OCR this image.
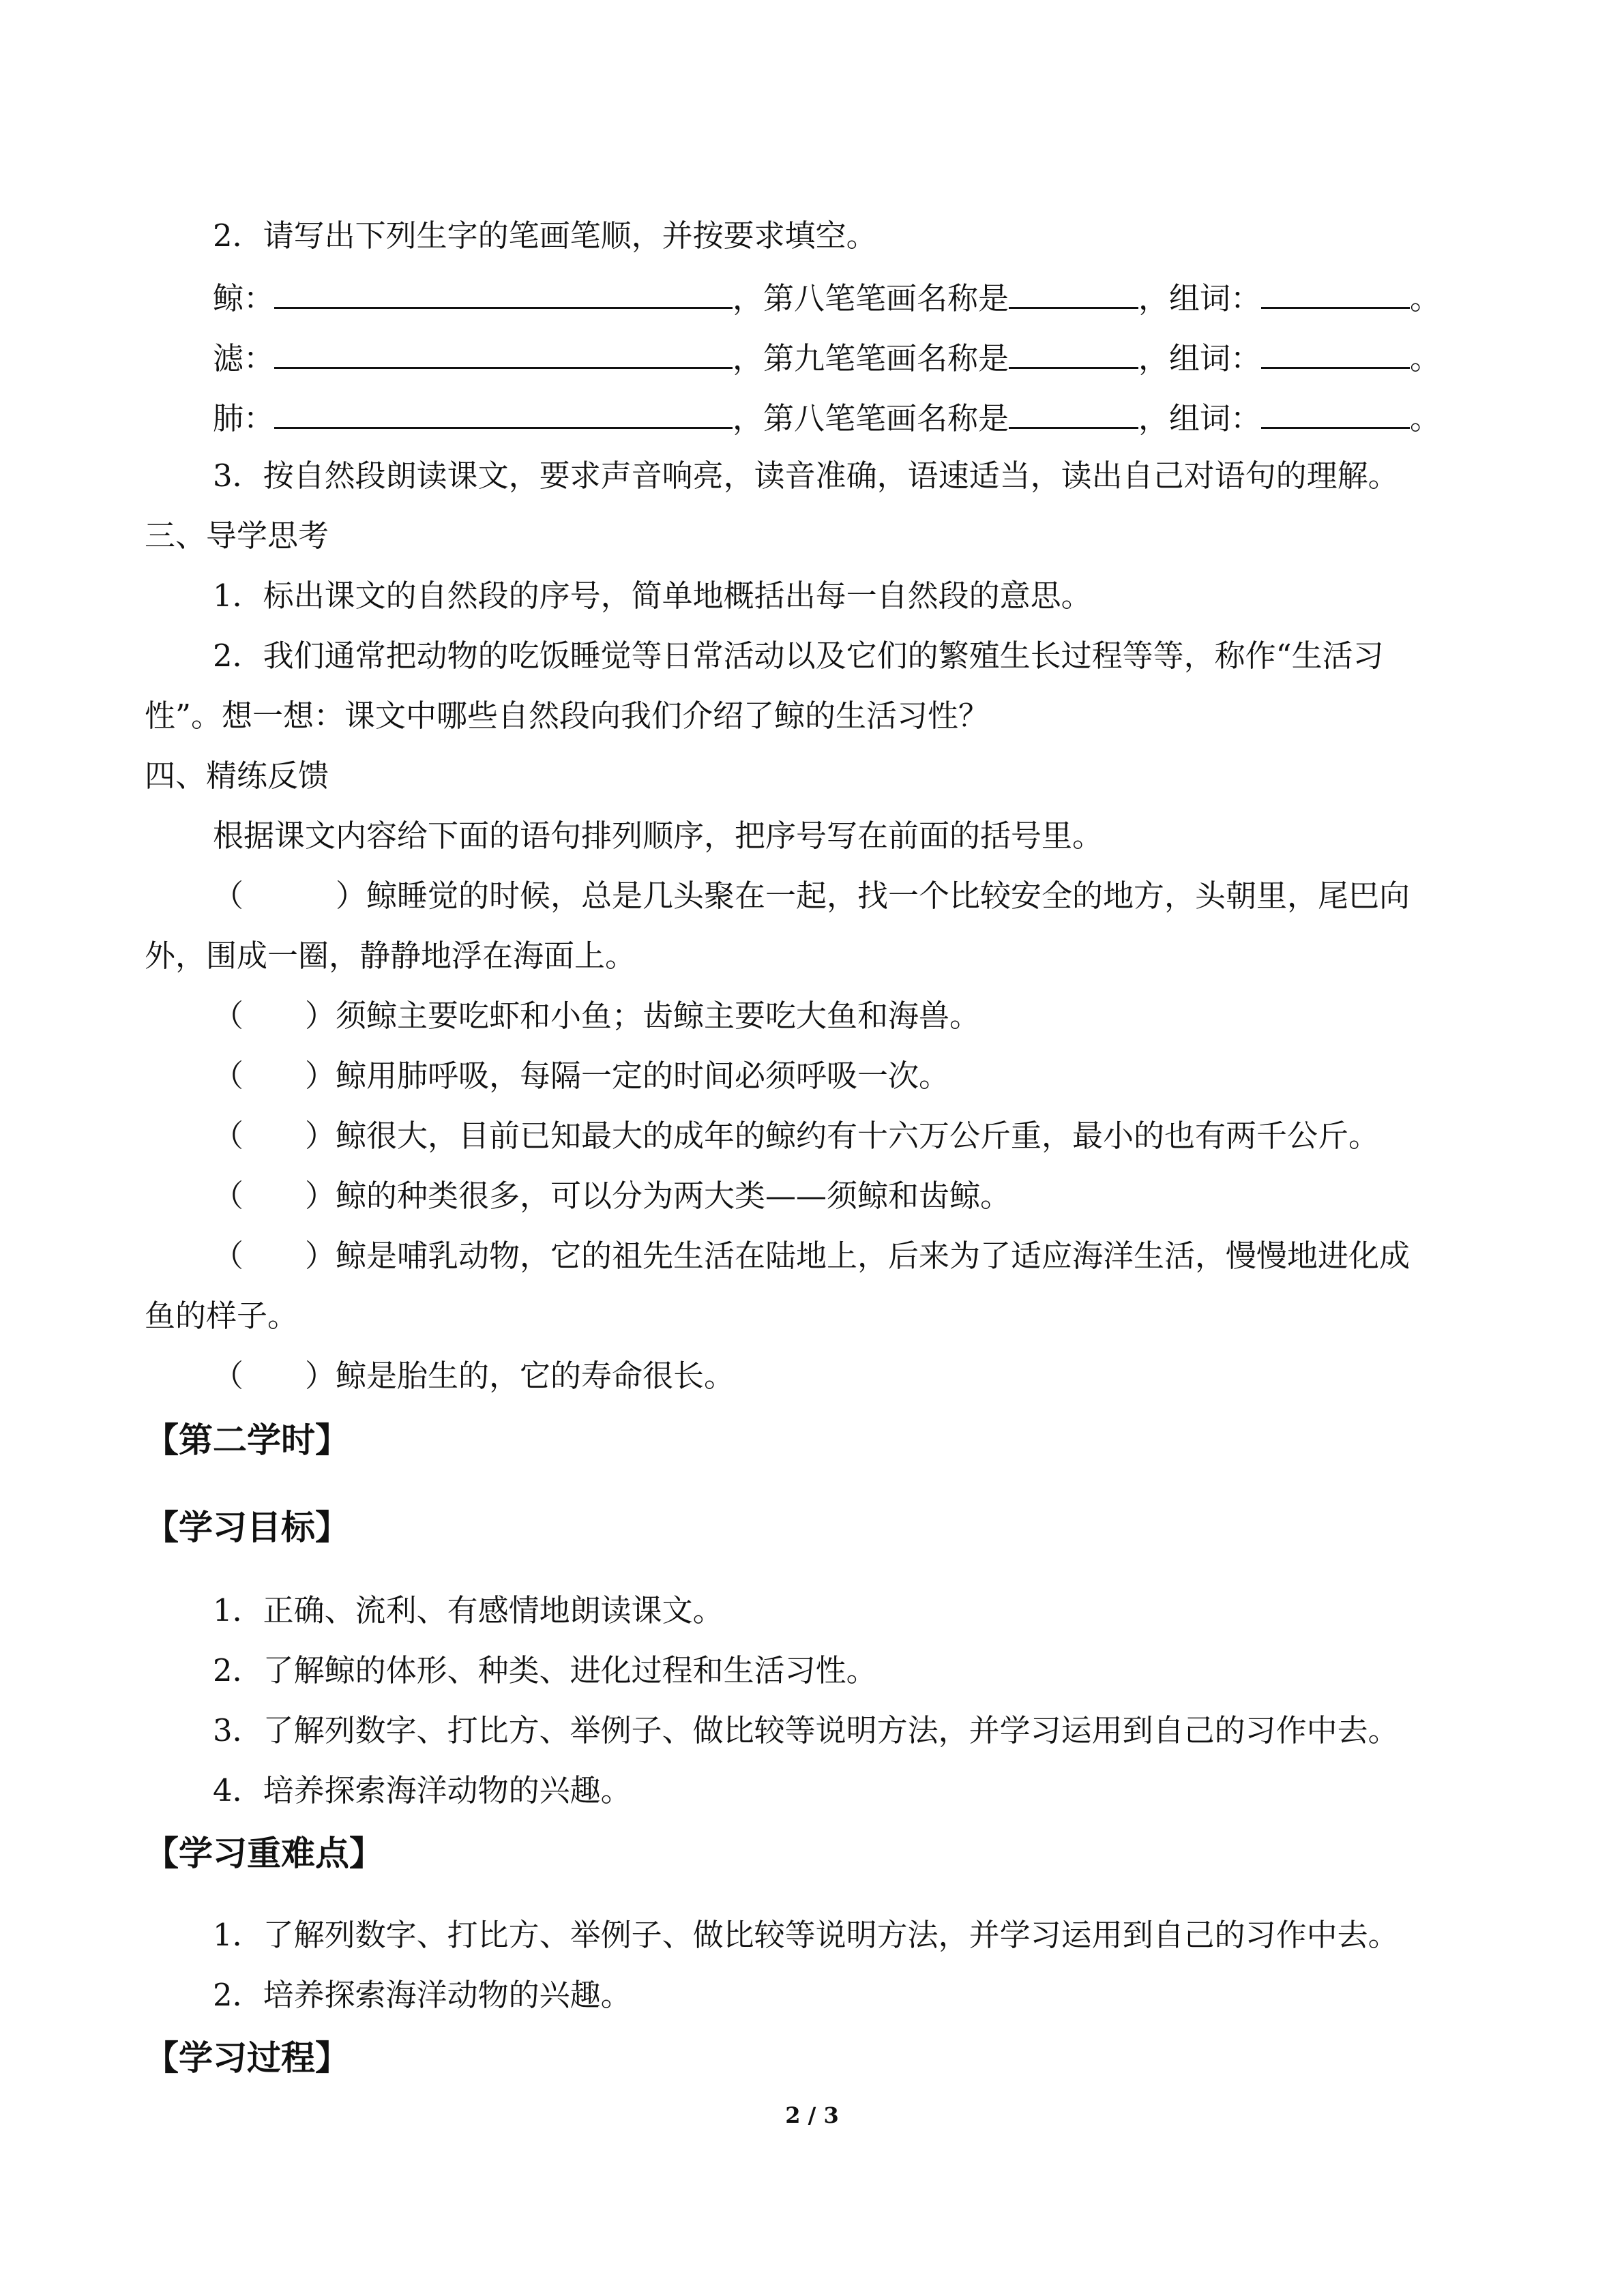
2．请写出下列生字的笔画笔顺，并按要求填空。
鲸：	，第八笔笔画名称是	，组词：	。
滤：	，第九笔笔画名称是	，组词：	。
肺：	，第八笔笔画名称是	，组词：	。
3．按自然段朗读课文，要求声音响亮，读音准确，语速适当，读出自己对语句的理解。
三、导学思考
1．标出课文的自然段的序号，简单地概括出每一自然段的意思。
2．我们通常把动物的吃饭睡觉等日常活动以及它们的繁殖生长过程等等，称作“生活习
性”。想一想：课文中哪些自然段向我们介绍了鲸的生活习性？
四、精练反馈
根据课文内容给下面的语句排列顺序，把序号写在前面的括号里。
（　　　）鲸睡觉的时候，总是几头聚在一起，找一个比较安全的地方，头朝里，尾巴向
外，围成一圈，静静地浮在海面上。
（　　）须鲸主要吃虾和小鱼；齿鲸主要吃大鱼和海兽。
（　　）鲸用肺呼吸，每隔一定的时间必须呼吸一次。
（　　）鲸很大，目前已知最大的成年的鲸约有十六万公斤重，最小的也有两千公斤。
（　　）鲸的种类很多，可以分为两大类——须鲸和齿鲸。
（　　）鲸是哺乳动物，它的祖先生活在陆地上，后来为了适应海洋生活，慢慢地进化成
鱼的样子。
（　　）鲸是胎生的，它的寿命很长。
【第二学时】
【学习目标】
1．正确、流利、有感情地朗读课文。
2．了解鲸的体形、种类、进化过程和生活习性。
3．了解列数字、打比方、举例子、做比较等说明方法，并学习运用到自己的习作中去。
4．培养探索海洋动物的兴趣。
【学习重难点】
1．了解列数字、打比方、举例子、做比较等说明方法，并学习运用到自己的习作中去。
2．培养探索海洋动物的兴趣。
【学习过程】
2 / 3
